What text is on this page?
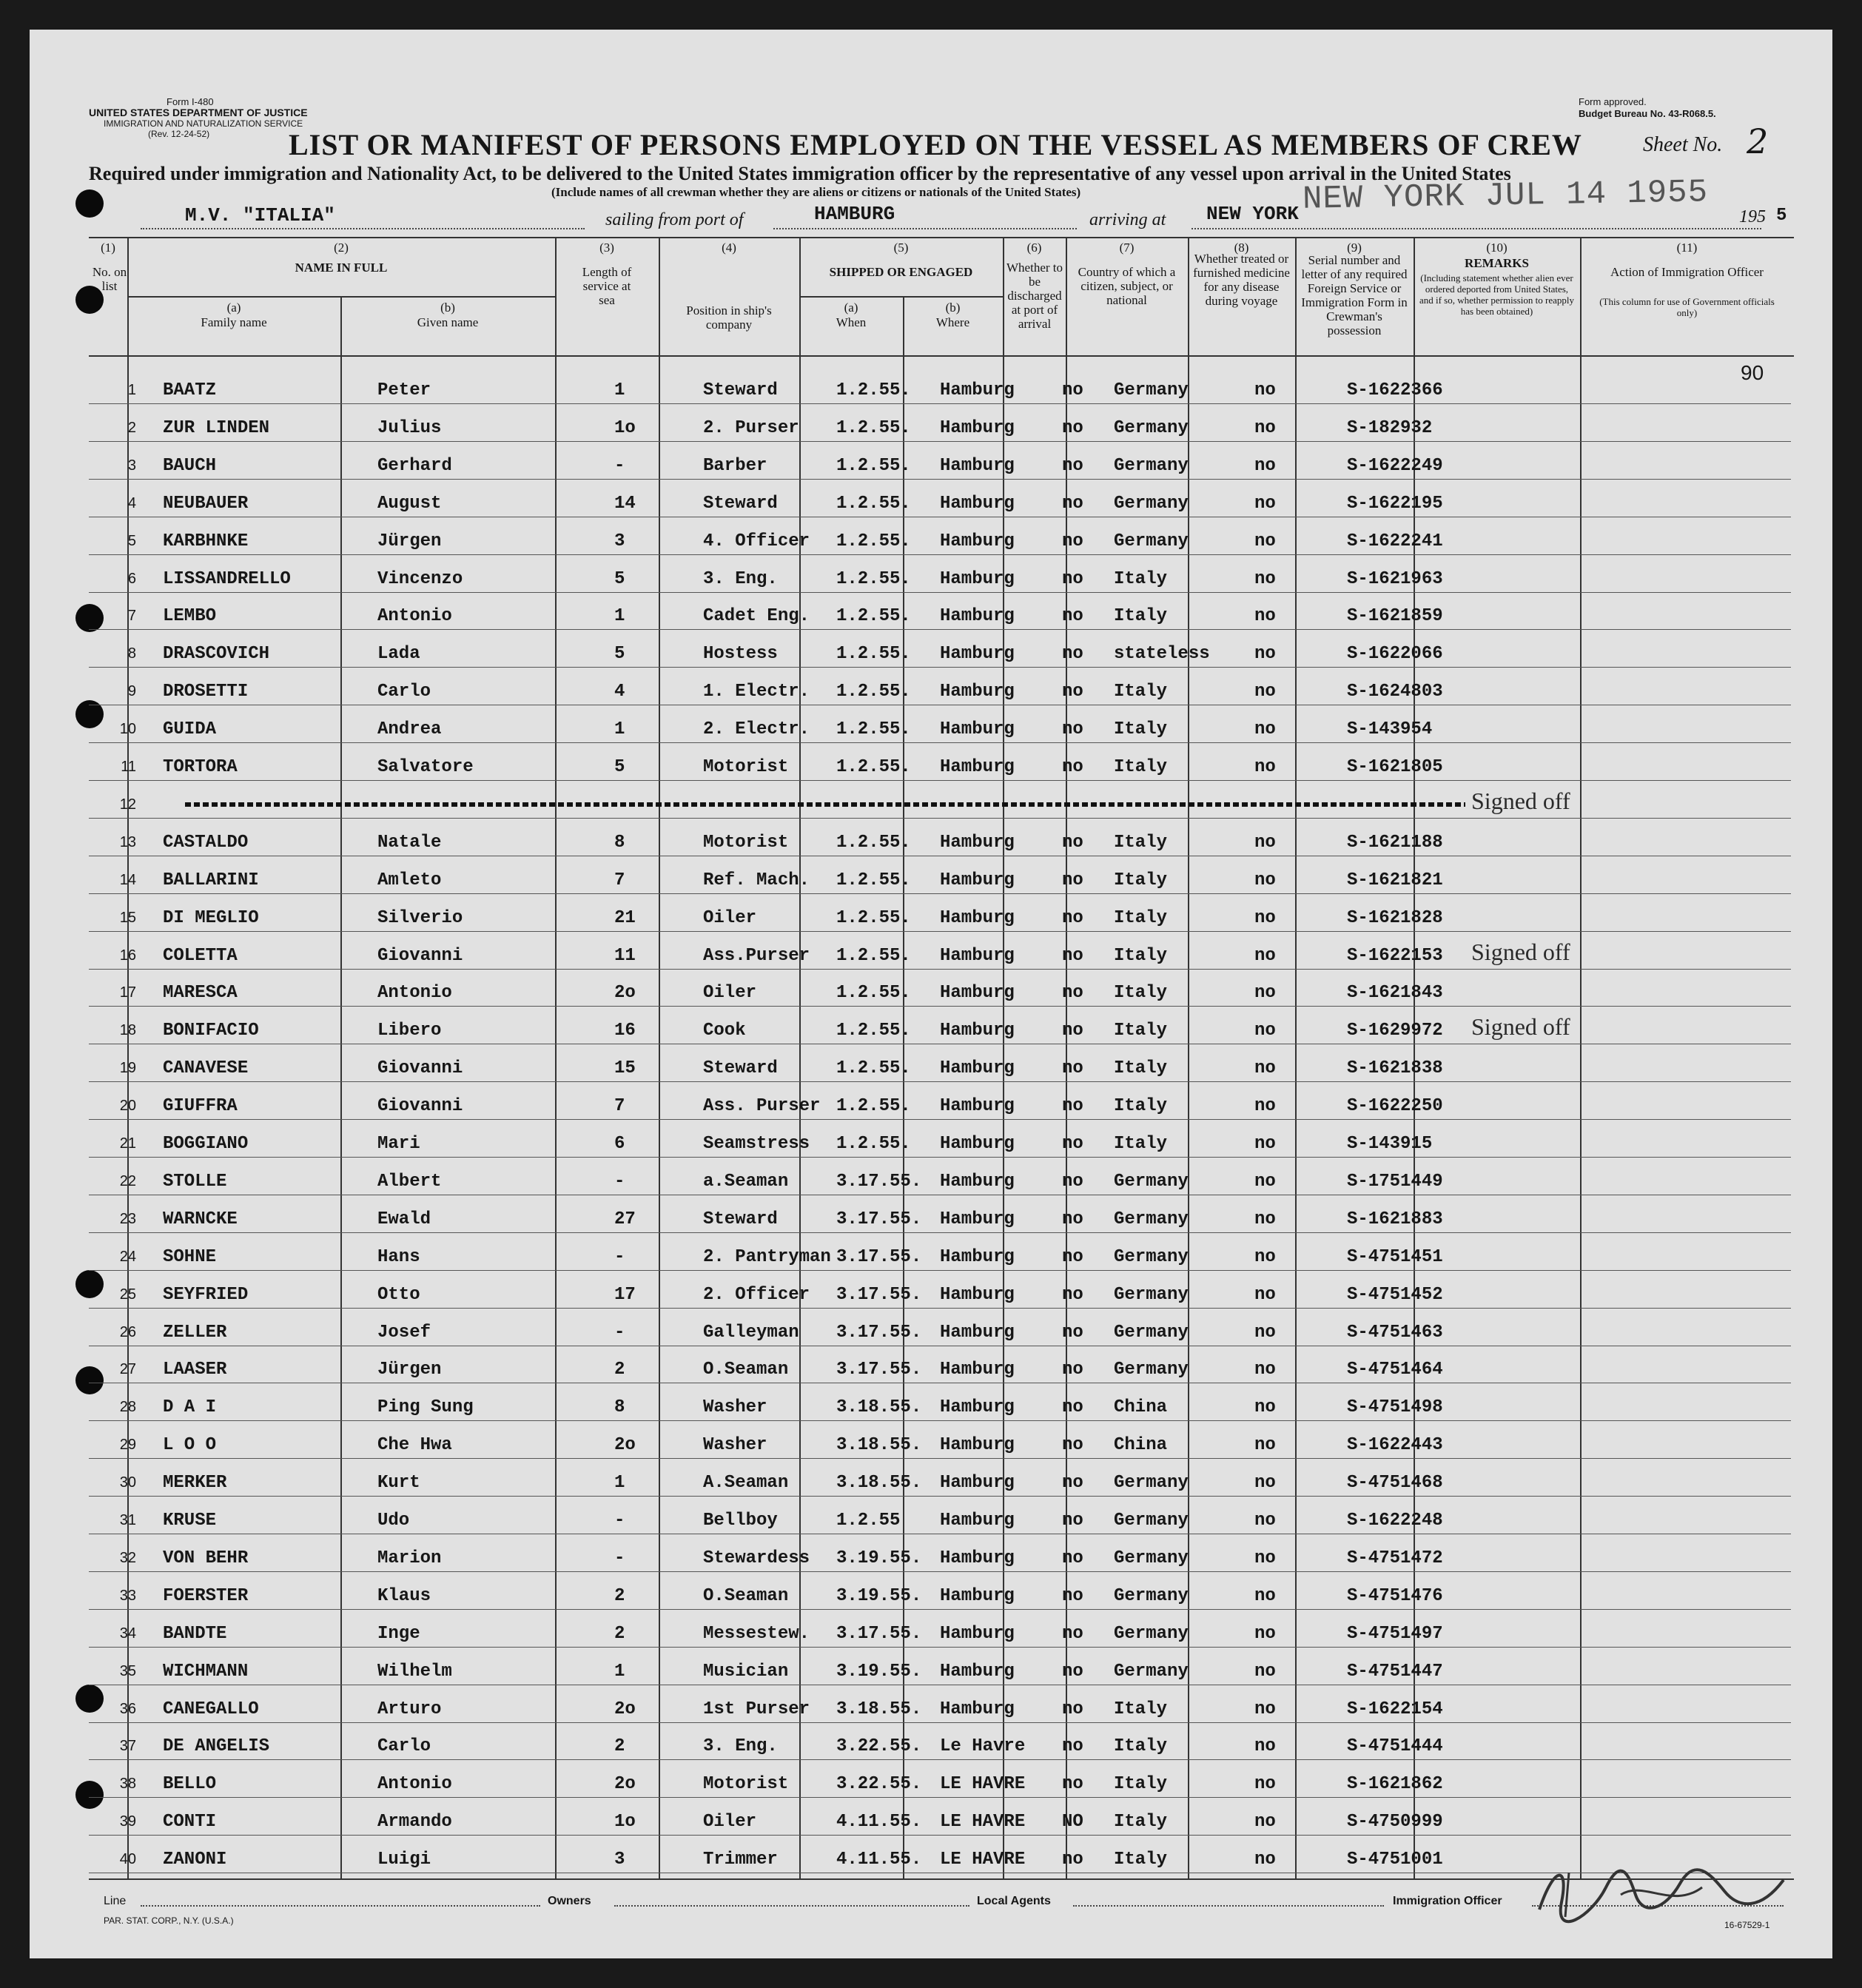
Form I-480
UNITED STATES DEPARTMENT OF JUSTICE
IMMIGRATION AND NATURALIZATION SERVICE
(Rev. 12-24-52)
Form approved.
Budget Bureau No. 43-R068.5.
LIST OR MANIFEST OF PERSONS EMPLOYED ON THE VESSEL AS MEMBERS OF CREW	Sheet No. 2
Required under immigration and Nationality Act, to be delivered to the United States immigration officer by the representative of any vessel upon arrival in the United States
(Include names of all crewman whether they are aliens or citizens or nationals of the United States)	NEW YORK JUL 14 1955
M.V. "ITALIA"	sailing from port of	HAMBURG	arriving at NEW YORK	195 5
(1)
No. on list
(2)
NAME IN FULL
(a)
Family name
(b)
Given name
(3)
Length of service at sea
(4)
Position in ship's company
(5)
SHIPPED OR ENGAGED
(a)
When
(b)
Where
(6)
Whether to be discharged at port of arrival
(7)
Country of which a citizen, subject, or national
(8)
Whether treated or furnished medicine for any disease during voyage
(9)
Serial number and letter of any required Foreign Service or Immigration Form in Crewman's possession
(10)
REMARKS
(Including statement whether alien ever ordered deported from United States, and if so, whether permission to reapply has been obtained)
(11)
Action of Immigration Officer
(This column for use of Government officials only)
90
1 BAATZ	Peter	1	Steward	1.2.55. Hamburg	no Germany	no	S-1622366
2 ZUR LINDEN	Julius	1o	2. Purser 1.2.55. Hamburg	no Germany	no	S-182932
3 BAUCH	Gerhard	-	Barber	1.2.55. Hamburg	no Germany	no	S-1622249
4 NEUBAUER	August	14	Steward	1.2.55. Hamburg	no Germany	no	S-1622195
5 KARBHNKE	Jürgen	3	4. Officer 1.2.55. Hamburg	no Germany	no	S-1622241
6 LISSANDRELLO	Vincenzo	5	3. Eng.	1.2.55. Hamburg	no Italy	no	S-1621963
7 LEMBO	Antonio	1	Cadet Eng. 1.2.55. Hamburg	no Italy	no	S-1621859
8 DRASCOVICH	Lada	5	Hostess	1.2.55. Hamburg	no stateless	no	S-1622066
9 DROSETTI	Carlo	4	1. Electr. 1.2.55. Hamburg	no Italy	no	S-1624803
10 GUIDA	Andrea	1	2. Electr. 1.2.55. Hamburg	no Italy	no	S-143954
11 TORTORA	Salvatore	5	Motorist	1.2.55. Hamburg	no Italy	no	S-1621805
12	Signed off
13 CASTALDO	Natale	8	Motorist	1.2.55. Hamburg	no Italy	no	S-1621188
14 BALLARINI	Amleto	7	Ref. Mach. 1.2.55. Hamburg	no Italy	no	S-1621821
15 DI MEGLIO	Silverio	21	Oiler	1.2.55. Hamburg	no Italy	no	S-1621828
16 COLETTA	Giovanni	11	Ass.Purser 1.2.55. Hamburg	no Italy	no	S-1622153 Signed off
17 MARESCA	Antonio	2o	Oiler	1.2.55. Hamburg	no Italy	no	S-1621843
18 BONIFACIO	Libero	16	Cook	1.2.55. Hamburg	no Italy	no	S-1629972 Signed off
19 CANAVESE	Giovanni	15	Steward	1.2.55. Hamburg	no Italy	no	S-1621838
20 GIUFFRA	Giovanni	7	Ass. Purser 1.2.55. Hamburg	no Italy	no	S-1622250
21 BOGGIANO	Mari	6	Seamstress 1.2.55. Hamburg	no Italy	no	S-143915
22 STOLLE	Albert	-	a.Seaman	3.17.55. Hamburg	no Germany	no	S-1751449
23 WARNCKE	Ewald	27	Steward	3.17.55. Hamburg	no Germany	no	S-1621883
24 SOHNE	Hans	-	2. Pantryman 3.17.55. Hamburg	no Germany	no	S-4751451
25 SEYFRIED	Otto	17	2. Officer 3.17.55. Hamburg	no Germany	no	S-4751452
26 ZELLER	Josef	-	Galleyman 3.17.55. Hamburg	no Germany	no	S-4751463
27 LAASER	Jürgen	2	O.Seaman	3.17.55. Hamburg	no Germany	no	S-4751464
28 D A I	Ping Sung	8	Washer	3.18.55. Hamburg	no China	no	S-4751498
29 L O O	Che Hwa	2o	Washer	3.18.55. Hamburg	no China	no	S-1622443
30 MERKER	Kurt	1	A.Seaman	3.18.55. Hamburg	no Germany	no	S-4751468
31 KRUSE	Udo	-	Bellboy	1.2.55 Hamburg	no Germany	no	S-1622248
32 VON BEHR	Marion	-	Stewardess 3.19.55. Hamburg	no Germany	no	S-4751472
33 FOERSTER	Klaus	2	O.Seaman	3.19.55. Hamburg	no Germany	no	S-4751476
34 BANDTE	Inge	2	Messestew. 3.17.55. Hamburg	no Germany	no	S-4751497
35 WICHMANN	Wilhelm	1	Musician	3.19.55. Hamburg	no Germany	no	S-4751447
36 CANEGALLO	Arturo	2o	1st Purser 3.18.55. Hamburg	no Italy	no	S-1622154
37 DE ANGELIS	Carlo	2	3. Eng.	3.22.55. Le Havre no Italy	no	S-4751444
38 BELLO	Antonio	2o	Motorist	3.22.55. LE HAVRE no Italy	no	S-1621862
39 CONTI	Armando	1o	Oiler	4.11.55. LE HAVRE NO Italy	no	S-4750999
40 ZANONI	Luigi	3	Trimmer	4.11.55. LE HAVRE no Italy	no	S-4751001
Line	Owners	Local Agents	Immigration Officer
PAR. STAT. CORP., N.Y. (U.S.A.)	16-67529-1
